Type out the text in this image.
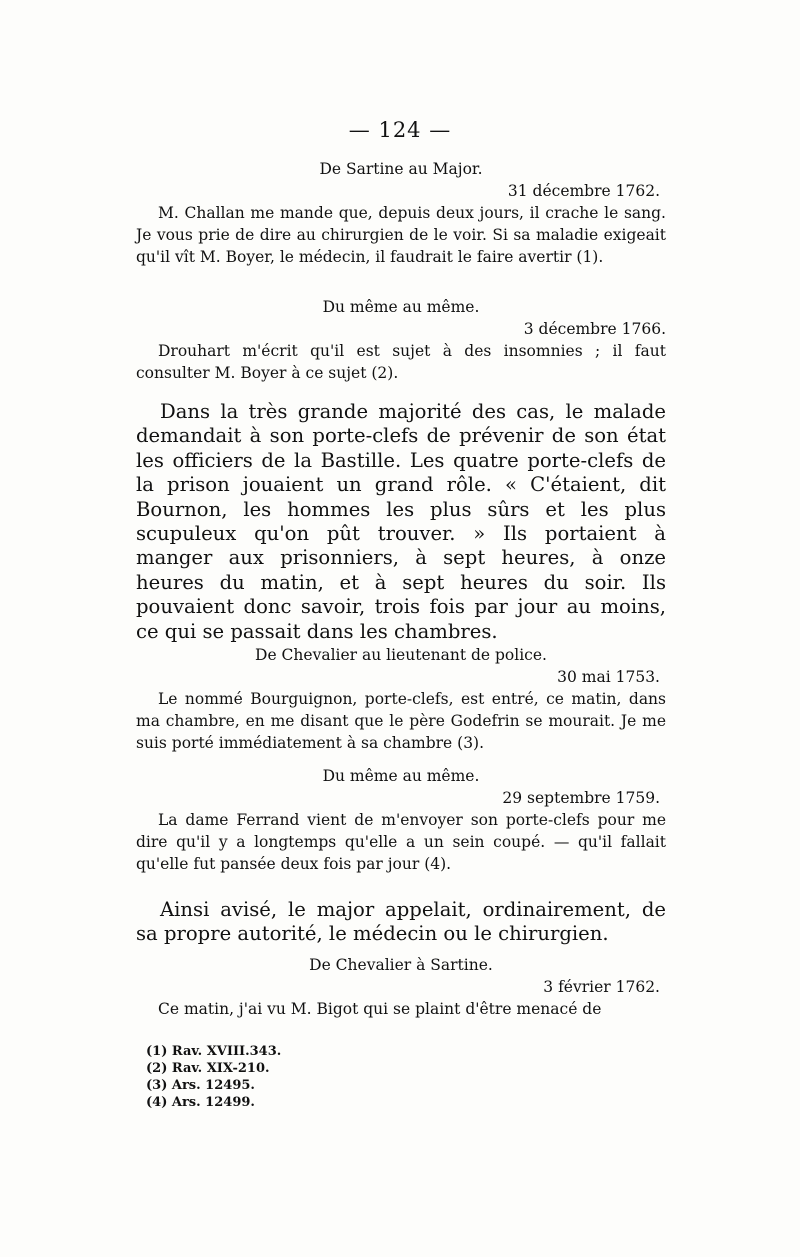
— 124 —
De Sartine au Major.
31 décembre 1762.

M. Challan me mande que, depuis deux jours, il crache le sang. Je vous prie de dire au chirurgien de le voir. Si sa maladie exigeait qu'il vît M. Boyer, le médecin, il faudrait le faire avertir (1).

Du même au même.
3 décembre 1766.

Drouhart m'écrit qu'il est sujet à des insomnies ; il faut consulter M. Boyer à ce sujet (2).

Dans la très grande majorité des cas, le malade demandait à son porte-clefs de prévenir de son état les officiers de la Bastille. Les quatre porte-clefs de la prison jouaient un grand rôle. « C'étaient, dit Bournon, les hommes les plus sûrs et les plus scupuleux qu'on pût trouver. » Ils portaient à manger aux prisonniers, à sept heures, à onze heures du matin, et à sept heures du soir. Ils pouvaient donc savoir, trois fois par jour au moins, ce qui se passait dans les chambres.

De Chevalier au lieutenant de police.
30 mai 1753.

Le nommé Bourguignon, porte-clefs, est entré, ce matin, dans ma chambre, en me disant que le père Godefrin se mourait. Je me suis porté immédiatement à sa chambre (3).

Du même au même.
29 septembre 1759.

La dame Ferrand vient de m'envoyer son porte-clefs pour me dire qu'il y a longtemps qu'elle a un sein coupé. — qu'il fallait qu'elle fut pansée deux fois par jour (4).

Ainsi avisé, le major appelait, ordinairement, de sa propre autorité, le médecin ou le chirurgien.

De Chevalier à Sartine.
3 février 1762.

Ce matin, j'ai vu M. Bigot qui se plaint d'être menacé de

(1) Rav. XVIII.343.
(2) Rav. XIX-210.
(3) Ars. 12495.
(4) Ars. 12499.
